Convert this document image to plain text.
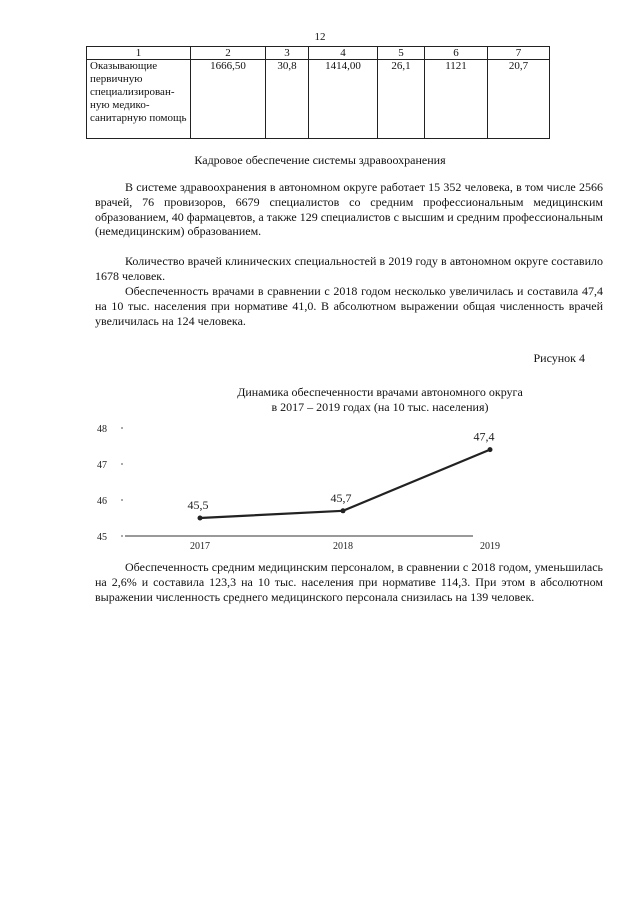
12
1	2	3	4	5	6	7
Оказывающие первичную специализирован-ную медико-санитарную помощь	1666,50	30,8	1414,00	26,1	1121	20,7
Кадровое обеспечение системы здравоохранения

В системе здравоохранения в автономном округе работает 15 352 человека, в том числе 2566 врачей, 76 провизоров, 6679 специалистов со средним профессиональным медицинским образованием, 40 фармацевтов, а также 129 специалистов с высшим и средним профессиональным (немедицинским) образованием.

Количество врачей клинических специальностей в 2019 году в автономном округе составило 1678 человек.

Обеспеченность врачами в сравнении с 2018 годом несколько увеличилась и составила 47,4 на 10 тыс. населения при нормативе 41,0. В абсолютном выражении общая численность врачей увеличилась на 124 человека.

Рисунок 4
Динамика обеспеченности врачами автономного округа
в 2017 – 2019 годах (на 10 тыс. населения)
45
46
47
48
45,5
45,7
47,4
2017	2018	2019

Обеспеченность средним медицинским персоналом, в сравнении с 2018 годом, уменьшилась на 2,6% и составила 123,3 на 10 тыс. населения при нормативе 114,3. При этом в абсолютном выражении численность среднего медицинского персонала снизилась на 139 человек.
